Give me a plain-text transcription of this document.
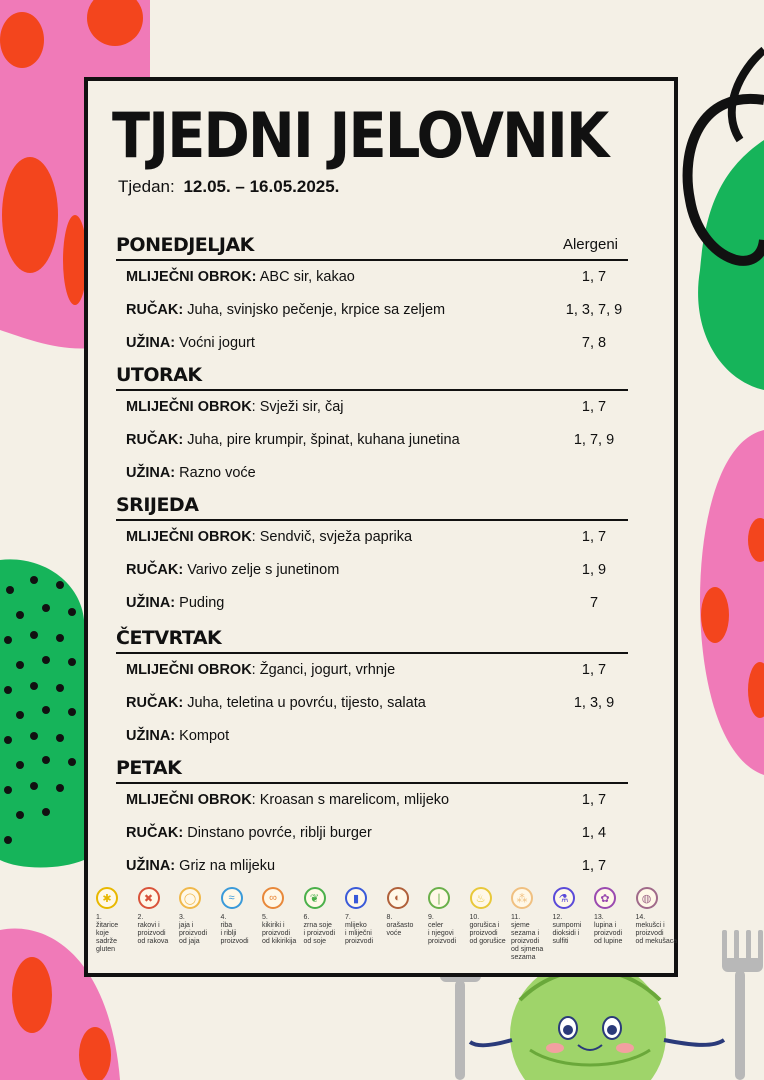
TJEDNI JELOVNIK
Tjedan: 12.05. – 16.05.2025.
Alergeni
PONEDJELJAK
MLIJEČNI OBROK: ABC sir, kakao	1, 7
RUČAK: Juha, svinjsko pečenje, krpice sa zeljem	1, 3, 7, 9
UŽINA: Voćni jogurt	7, 8
UTORAK
MLIJEČNI OBROK: Svježi sir, čaj	1, 7
RUČAK: Juha, pire krumpir, špinat, kuhana junetina	1, 7, 9
UŽINA: Razno voće
SRIJEDA
MLIJEČNI OBROK: Sendvič, svježa paprika	1, 7
RUČAK: Varivo zelje s junetinom	1, 9
UŽINA: Puding	7
ČETVRTAK
MLIJEČNI OBROK: Žganci, jogurt, vrhnje	1, 7
RUČAK: Juha, teletina u povrću, tijesto, salata	1, 3, 9
UŽINA: Kompot
PETAK
MLIJEČNI OBROK: Kroasan s marelicom, mlijeko	1, 7
RUČAK: Dinstano povrće, riblji burger	1, 4
UŽINA: Griz na mlijeku	1, 7
✱
1.
žitarice
koje
sadrže
gluten
✖
2.
rakovi i
proizvodi
od rakova
◯
3.
jaja i
proizvodi
od jaja
≈
4.
riba
i riblji
proizvodi
∞
5.
kikiriki i
proizvodi
od kikirikija
❦
6.
zrna soje
i proizvodi
od soje
▮
7.
mlijeko
i mliječni
proizvodi
◐
8.
orašasto
voće
❘
9.
celer
i njegovi
proizvodi
♨
10.
gorušica i
proizvodi
od gorušice
⁂
11.
sjeme
sezama i
proizvodi
od sjmena
sezama
⚗
12.
sumporni
dioksidi i
sulfiti
✿
13.
lupina i
proizvodi
od lupine
◍
14.
mekušci i
proizvodi
od mekušaca
